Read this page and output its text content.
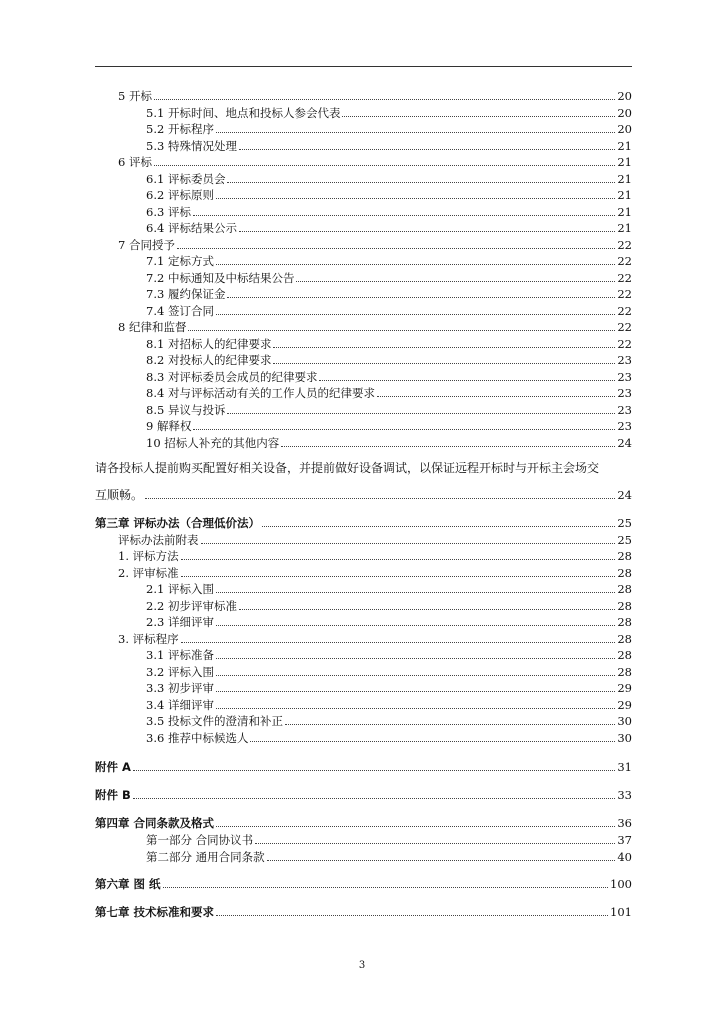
5 开标	20
5.1 开标时间、地点和投标人参会代表	20
5.2 开标程序	20
5.3 特殊情况处理	21
6 评标	21
6.1 评标委员会	21
6.2 评标原则	21
6.3 评标	21
6.4 评标结果公示	21
7 合同授予	22
7.1 定标方式	22
7.2 中标通知及中标结果公告	22
7.3 履约保证金	22
7.4 签订合同	22
8 纪律和监督	22
8.1 对招标人的纪律要求	22
8.2 对投标人的纪律要求	23
8.3 对评标委员会成员的纪律要求	23
8.4 对与评标活动有关的工作人员的纪律要求	23
8.5 异议与投诉	23
9 解释权	23
10 招标人补充的其他内容	24
请各投标人提前购买配置好相关设备，并提前做好设备调试，以保证远程开标时与开标主会场交
互顺畅。	24
第三章 评标办法（合理低价法）	25
评标办法前附表	25
1. 评标方法	28
2. 评审标准	28
2.1 评标入围	28
2.2 初步评审标准	28
2.3 详细评审	28
3. 评标程序	28
3.1 评标准备	28
3.2 评标入围	28
3.3 初步评审	29
3.4 详细评审	29
3.5 投标文件的澄清和补正	30
3.6 推荐中标候选人	30
附件 A	31
附件 B	33
第四章 合同条款及格式	36
第一部分 合同协议书	37
第二部分 通用合同条款	40
第六章 图 纸	100
第七章 技术标准和要求	101
3
